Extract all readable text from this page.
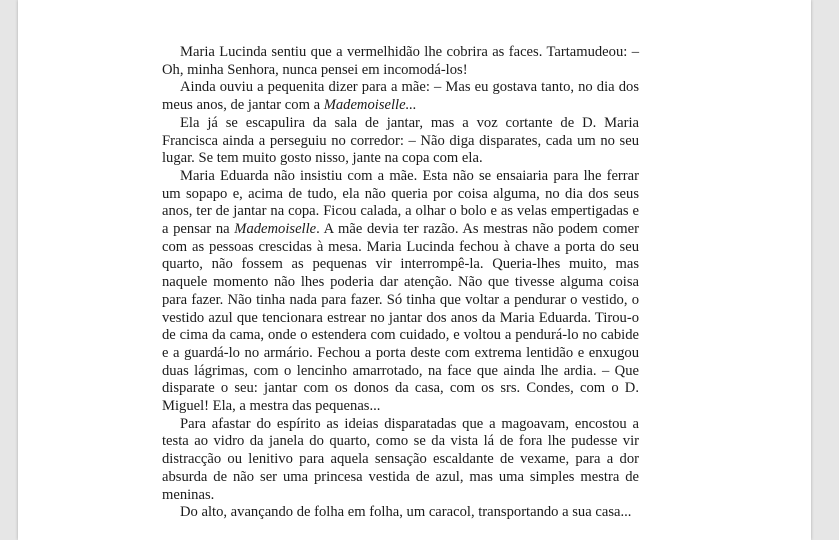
Maria Lucinda sentiu que a vermelhidão lhe cobrira as faces. Tartamudeou: – Oh, minha Senhora, nunca pensei em incomodá-los!

Ainda ouviu a pequenita dizer para a mãe: – Mas eu gostava tanto, no dia dos meus anos, de jantar com a Mademoiselle...

Ela já se escapulira da sala de jantar, mas a voz cortante de D. Maria Francisca ainda a perseguiu no corredor: – Não diga disparates, cada um no seu lugar. Se tem muito gosto nisso, jante na copa com ela.

Maria Eduarda não insistiu com a mãe. Esta não se ensaiaria para lhe ferrar um sopapo e, acima de tudo, ela não queria por coisa alguma, no dia dos seus anos, ter de jantar na copa. Ficou calada, a olhar o bolo e as velas empertigadas e a pensar na Mademoiselle. A mãe devia ter razão. As mestras não podem comer com as pessoas crescidas à mesa. Maria Lucinda fechou à chave a porta do seu quarto, não fossem as pequenas vir interrompê-la. Queria-lhes muito, mas naquele momento não lhes poderia dar atenção. Não que tivesse alguma coisa para fazer. Não tinha nada para fazer. Só tinha que voltar a pendurar o vestido, o vestido azul que tencionara estrear no jantar dos anos da Maria Eduarda. Tirou-o de cima da cama, onde o estendera com cuidado, e voltou a pendurá-lo no cabide e a guardá-lo no armário. Fechou a porta deste com extrema lentidão e enxugou duas lágrimas, com o lencinho amarrotado, na face que ainda lhe ardia. – Que disparate o seu: jantar com os donos da casa, com os srs. Condes, com o D. Miguel! Ela, a mestra das pequenas...

Para afastar do espírito as ideias disparatadas que a magoavam, encostou a testa ao vidro da janela do quarto, como se da vista lá de fora lhe pudesse vir distracção ou lenitivo para aquela sensação escaldante de vexame, para a dor absurda de não ser uma princesa vestida de azul, mas uma simples mestra de meninas.

Do alto, avançando de folha em folha, um caracol, transportando a sua casa...
